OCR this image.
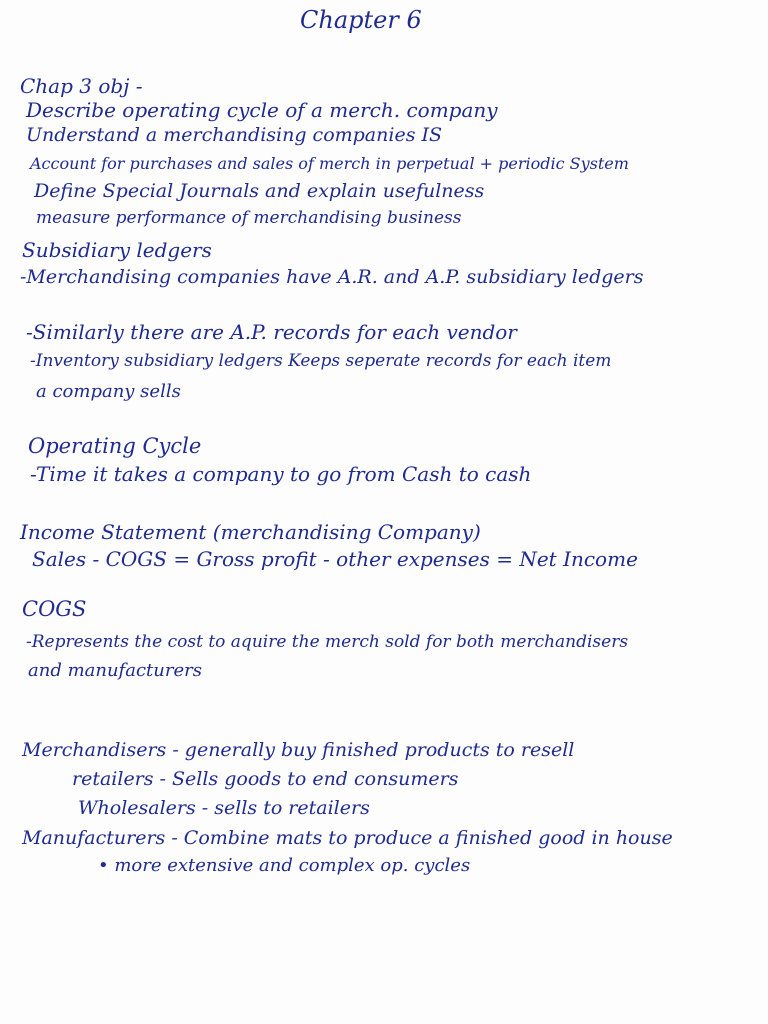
Chapter 6
Chap 3 obj -
Describe operating cycle of a merch. company
Understand a merchandising companies IS
Account for purchases and sales of merch in perpetual + periodic System
Define Special Journals and explain usefulness
measure performance of merchandising business
Subsidiary ledgers
-Merchandising companies have A.R. and A.P. subsidiary ledgers
-Similarly there are A.P. records for each vendor
-Inventory subsidiary ledgers Keeps seperate records for each item
a company sells
Operating Cycle
-Time it takes a company to go from Cash to cash
Income Statement (merchandising Company)
Sales - COGS = Gross profit - other expenses = Net Income
COGS
-Represents the cost to aquire the merch sold for both merchandisers
and manufacturers
Merchandisers - generally buy finished products to resell
retailers - Sells goods to end consumers
Wholesalers - sells to retailers
Manufacturers - Combine mats to produce a finished good in house
• more extensive and complex op. cycles
